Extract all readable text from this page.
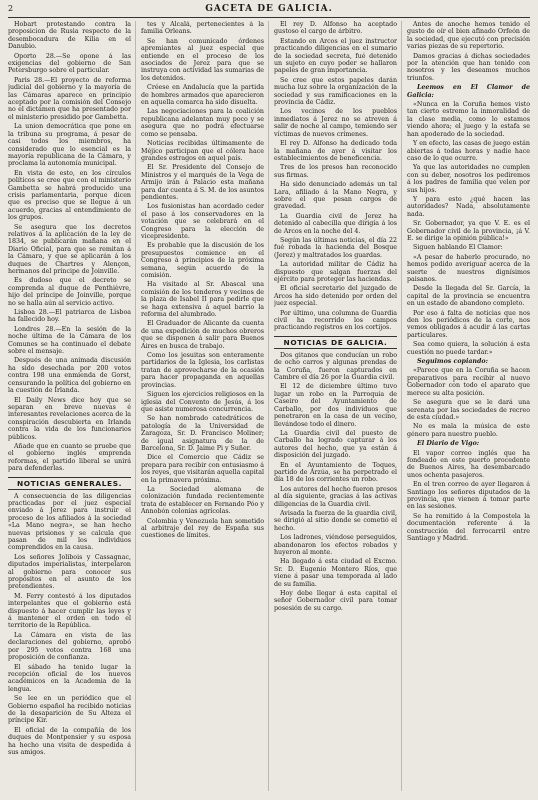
2	GACETA DE GALICIA.

Hobart protestando contra la proposicion de Rusia respecto de la desembocadura de Kilia en el Danubio.

Oporto 28.—Se opone á las exigencias del gobierno de San Petersburgo sobre el particular.

Paris 28.—El proyecto de reforma judicial del gobierno y la mayoría de las Cámaras aparece en principio aceptado por la comisión del Consejo no el dictámen que ha presentado por el ministerio presidido por Gambetta.

La union democrática que pone en la tribuna su programa, á pesar de casi todos los miembros, ha considerado que lo esencial es la mayoría republicana de la Cámara, y proclama la autonomía municipal.

En vista de esto, en los círculos políticos se cree que con el ministerio Gambetta se habrá producido una crisis parlamentaria, porque dicen que es preciso que se llegue á un acuerdo, gracias al entendimiento de los grupos.

Se asegura que los decretos relativos á la aplicación de la ley de 1834, se publicarán mañana en el Diario Oficial, para que se remitan á la Cámara, y que se aplicarán á los duques de Chartres y Alençon, hermanos del príncipe de Joinville.

Es dudoso que el decreto se comprenda al duque de Penthièvre, hijo del príncipe de Joinville, porque no se halla aún al servicio activo.

Lisboa 28.—El patriarca de Lisboa ha fallecido hoy.

Londres 28.—En la sesión de la noche última de la Cámara de los Comunes se ha continuado el debate sobre el mensaje.

Después de una animada discusión ha sido desechada por 200 votos contra 198 una enmienda de Gorst, censurando la política del gobierno en la cuestión de Irlanda.

El Daily News dice hoy que se separan en breve nuevas é interesantes revelaciones acerca de la conspiración descubierta en Irlanda contra la vida de los funcionarios públicos.

Añade que en cuanto se pruebe que el gobierno inglés emprenda reformas, el partido liberal se unirá para defenderlas.

NOTICIAS GENERALES.

A consecuencia de las diligencias practicadas por el juez especial enviado á Jerez para instruir el proceso de los afiliados á la sociedad «La Mano negra», se han hecho nuevas prisiones y se calcula que pasan de mil los individuos comprendidos en la causa.

Los señores Jolibois y Cassagnac, diputados imperialistas, interpelaron al gobierno para conocer sus propósitos en el asunto de los pretendientes.

M. Ferry contestó á los diputados interpelantes que el gobierno está dispuesto á hacer cumplir las leyes y á mantener el orden en todo el territorio de la República.

La Cámara en vista de las declaraciones del gobierno, aprobó por 295 votos contra 168 una proposición de confianza.

El sábado ha tenido lugar la recepción oficial de los nuevos académicos en la Academia de la lengua.

Se lee en un periódico que el Gobierno español ha recibido noticias de la desaparición de Su Alteza el príncipe Kir.

El oficial de la compañía de los duques de Montpensier y su esposa ha hecho una visita de despedida á sus amigos.

tes y Alcalá, pertenecientes á la familia Orleans.

Se han comunicado órdenes apremiantes al juez especial que entiende en el proceso de los asociados de Jerez para que se instruya con actividad las sumarias de los detenidos.

Créese en Andalucía que la partida de hombres armados que aparecieron en aquella comarca ha sido disuelta.

Las negociaciones para la coalición republicana adelantan muy poco y se asegura que no podrá efectuarse como se pensaba.

Noticias recibidas últimamente de Méjico participan que el cólera hace grandes estragos en aquel país.

El Sr. Presidente del Consejo de Ministros y el marqués de la Vega de Armijo irán á Palacio esta mañana para dar cuenta á S. M. de los asuntos pendientes.

Los fusionistas han acordado ceder el paso á los conservadores en la votación que se celebrará en el Congreso para la elección de vicepresidente.

Es probable que la discusión de los presupuestos comience en el Congreso á principios de la próxima semana, según acuerdo de la comisión.

Ha visitado al Sr. Abascal una comisión de los tenderos y vecinos de la plaza de Isabel II para pedirle que se haga extensiva á aquel barrio la reforma del alumbrado.

El Graduador de Alicante da cuenta de una expedición de muchos obreros que se disponen á salir para Buenos Aires en busca de trabajo.

Como los jesuitas son enteramente partidarios de la Iglesia, los carlistas tratan de aprovecharse de la ocasión para hacer propaganda en aquellas provincias.

Siguen los ejercicios religiosos en la iglesia del Convento de Jesús, á los que asiste numerosa concurrencia.

Se han nombrado catedráticos de patología de la Universidad de Zaragoza, Sr. D. Francisco Moliner; de igual asignatura de la de Barcelona, Sr. D. Jaime Pi y Suñer.

Dice el Comercio que Cádiz se prepara para recibir con entusiasmo á los reyes, que visitarán aquella capital en la primavera próxima.

La Sociedad alemana de colonización fundada recientemente trata de establecer en Fernando Póo y Annobón colonias agrícolas.

Colombia y Venezuela han sometido al arbitraje del rey de España sus cuestiones de límites.

El rey D. Alfonso ha aceptado gustoso el cargo de árbitro.

Estando en Arcos el juez instructor practicando diligencias en el sumario de la sociedad secreta, fué detenido un sujeto en cuyo poder se hallaron papeles de gran importancia.

Se cree que estos papeles darán mucha luz sobre la organización de la sociedad y sus ramificaciones en la provincia de Cádiz.

Los vecinos de los pueblos inmediatos á Jerez no se atreven á salir de noche al campo, temiendo ser víctimas de nuevos crímenes.

El rey D. Alfonso ha dedicado toda la mañana de ayer á visitar los establecimientos de beneficencia.

Tres de los presos han reconocido sus firmas.

Ha sido denunciado además un tal Lara, afiliado á la Mano Negra, y sobre el que pesan cargos de gravedad.

La Guardia civil de Jerez ha detenido al cabecilla que dirigía á los de Arcos en la noche del 4.

Según las últimas noticias, el día 22 fué robada la hacienda del Bosque (Jerez) y maltratados los guardas.

La autoridad militar de Cádiz ha dispuesto que salgan fuerzas del ejército para proteger las haciendas.

El oficial secretario del juzgado de Arcos ha sido detenido por orden del juez especial.

Por último, una columna de Guardia civil ha recorrido los campos practicando registros en los cortijos.

NOTICIAS DE GALICIA.

Dos gitanos que conducían un robo de ocho carros y algunas prendas de la Coruña, fueron capturados en Cambre el día 26 por la Guardia civil.

El 12 de diciembre último tuvo lugar un robo en la Parroquia de Caseiro del Ayuntamiento de Carballo, por dos individuos que penetraron en la casa de un vecino, llevándose todo el dinero.

La Guardia civil del puesto de Carballo ha logrado capturar á los autores del hecho, que ya están á disposición del juzgado.

En el Ayuntamiento de Toques, partido de Arzúa, se ha perpetrado el día 18 de los corrientes un robo.

Los autores del hecho fueron presos al día siguiente, gracias á las activas diligencias de la Guardia civil.

Avisada la fuerza de la guardia civil, se dirigió al sitio donde se cometió el hecho.

Los ladrones, viéndose perseguidos, abandonaron los efectos robados y huyeron al monte.

Ha llegado á esta ciudad el Excmo. Sr. D. Eugenio Montero Ríos, que viene á pasar una temporada al lado de su familia.

Hoy debe llegar á esta capital el señor Gobernador civil para tomar posesión de su cargo.

Antes de anoche hemos tenido el gusto de oír el bien afinado Orfeón de la sociedad, que ejecutó con precisión varias piezas de su repertorio.

Damos gracias á dichas sociedades por la atención que han tenido con nosotros y les deseamos muchos triunfos.

Leemos en El Clamor de Galicia:

«Nunca en la Coruña hemos visto tan cierto estremo la inmoralidad de la clase media, como lo estamos viendo ahora; el juego y la estafa se han apoderado de la sociedad.

Y en efecto, las casas de juego están abiertas á todas horas y nadie hace caso de lo que ocurre.

Ya que las autoridades no cumplen con su deber, nosotros los pediremos á los padres de familia que velen por sus hijos.

Y para esto ¿qué hacen las autoridades? Nada, absolutamente nada.

Sr. Gobernador, ya que V. E. es el Gobernador civil de la provincia, ¡á V. E. se dirige la opinión pública!»

Siguen hablando El Clamor:

«A pesar de haberlo procurado, no hemos podido averiguar acerca de la suerte de nuestros dignísimos paisanos.

Desde la llegada del Sr. García, la capital de la provincia se encuentra en un estado de abandono completo.

Por eso á falta de noticias que nos den los periódicos de la corte, nos vemos obligados á acudir á las cartas particulares.

Sea como quiera, la solución á esta cuestión no puede tardar.»

Seguimos copiando:

«Parece que en la Coruña se hacen preparativos para recibir al nuevo Gobernador con todo el aparato que merece su alta posición.

Se asegura que se le dará una serenata por las sociedades de recreo de esta ciudad.»

No es mala la música de este género para nuestro pueblo.

El Diario de Vigo:

El vapor correo inglés que ha fondeado en este puerto procedente de Buenos Aires, ha desembarcado unos ochenta pasajeros.

En el tren correo de ayer llegaron á Santiago los señores diputados de la provincia, que vienen á tomar parte en las sesiones.

Se ha remitido á la Compostela la documentación referente á la construcción del ferrocarril entre Santiago y Madrid.
